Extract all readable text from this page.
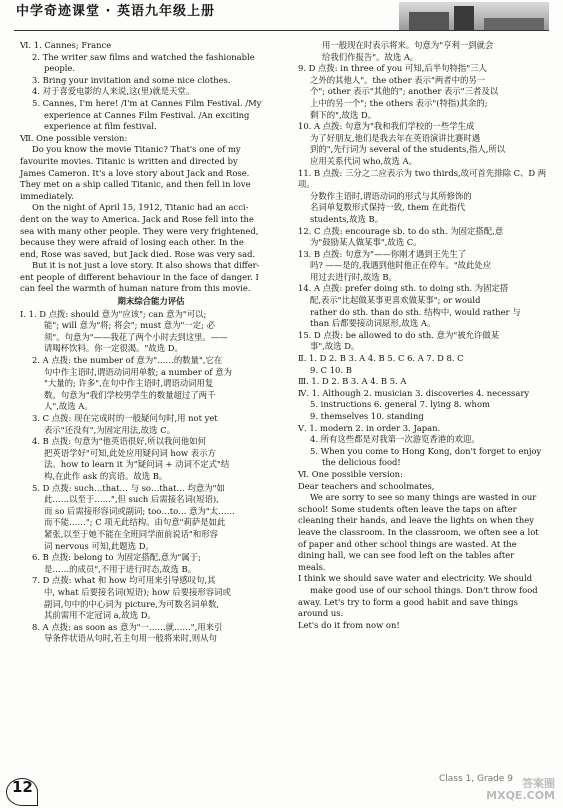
中学奇迹课堂 · 英语九年级上册

Ⅵ. 1. Cannes; France

2. The writer saw films and watched the fashionable

people.

3. Bring your invitation and some nice clothes.

4. 对于喜爱电影的人来说,这(里)就是天堂。

5. Cannes, I'm here! /I'm at Cannes Film Festival. /My

experience at Cannes Film Festival. /An exciting

experience at film festival.

Ⅶ. One possible version:

Do you know the movie Titanic? That's one of my

favourite movies. Titanic is written and directed by

James Cameron. It's a love story about Jack and Rose.

They met on a ship called Titanic, and then fell in love

immediately.

On the night of April 15, 1912, Titanic had an acci-

dent on the way to America. Jack and Rose fell into the

sea with many other people. They were very frightened,

because they were afraid of losing each other. In the

end, Rose was saved, but Jack died. Rose was very sad.

But it is not just a love story. It also shows that differ-

ent people of different behaviour in the face of danger. I

can feel the warmth of human nature from this movie.

期末综合能力评估

Ⅰ. 1. D 点拨: should 意为"应该"; can 意为"可以;

能"; will 意为"将; 将会"; must 意为"一定; 必

须"。句意为"——我花了两个小时去到这里。——

请喝杯饮料。你一定很渴。"故选 D。

2. A 点拨: the number of 意为"……的数量",它在

句中作主语时,谓语动词用单数; a number of 意为

"大量的; 许多",在句中作主语时,谓语动词用复

数。句意为"我们学校男学生的数量超过了两千

人",故选 A。

3. C 点拨: 现在完成时的一般疑问句时,用 not yet

表示"还没有",为固定用法,故选 C。

4. B 点拨: 句意为"他英语很好,所以我问他如何

把英语学好"可知,此处应用疑问词 how 表示方

法。how to learn it 为"疑问词 + 动词不定式"结

构,在此作 ask 的宾语。故选 B。

5. D 点拨: such…that… 与 so…that… 均意为"如

此……以至于……",但 such 后需接名词(短语),

而 so 后需接形容词或副词; too…to… 意为"太……

而不能……"; C 项无此结构。由句意"莉萨是如此

紧张,以至于她不能在全班同学面前说话"和形容

词 nervous 可知,此题选 D。

6. B 点拨: belong to 为固定搭配,意为"属于;

是……的成员",不用于进行时态,故选 B。

7. D 点拨: what 和 how 均可用来引导感叹句,其

中, what 后要接名词(短语); how 后要接形容词或

副词,句中的中心词为 picture,为可数名词单数,

其前需用不定冠词 a,故选 D。

8. A 点拨: as soon as 意为"一……就……",用来引

导条件状语从句时,若主句用一般将来时,则从句

用一般现在时表示将来。句意为"亨利一到就会

给我们作报告"。故选 A。

9. D 点拨: in three of you 可知,后半句特指"三人

之外的其他人"。the other 表示"两者中的另一

个"; other 表示"其他的"; another 表示"三者及以

上中的另一个"; the others 表示"(特指)其余的;

剩下的",故选 D。

10. A 点拨: 句意为"我和我们学校的一些学生成

为了好朋友,他们是我去年在英语演讲比赛时遇

到的",先行词为 several of the students,指人,所以

应用关系代词 who,故选 A。

11. B 点拨: 三分之二应表示为 two thirds,故可首先排除 C、D 两项。

分数作主语时,谓语动词的形式与其所修饰的

名词单复数形式保持一致, them 在此指代

students,故选 B。

12. C 点拨: encourage sb. to do sth. 为固定搭配,意

为"鼓励某人做某事",故选 C。

13. B 点拨: 句意为"——你刚才遇到王先生了

吗? ——是的,我遇到他时他正在停车。"故此处应

用过去进行时,故选 B。

14. A 点拨: prefer doing sth. to doing sth. 为固定搭

配,表示"比起做某事更喜欢做某事"; or would

rather do sth. than do sth. 结构中, would rather 与

than 后都要接动词原形,故选 A。

15. D 点拨: be allowed to do sth. 意为"被允许做某

事",故选 D。

Ⅱ. 1. D 2. B 3. A 4. B 5. C 6. A 7. D 8. C

9. C 10. B

Ⅲ. 1. D 2. B 3. A 4. B 5. A

Ⅳ. 1. Although 2. musician 3. discoveries 4. necessary

5. instructions 6. general 7. lying 8. whom

9. themselves 10. standing

Ⅴ. 1. modern 2. in order 3. Japan.

4. 所有这些都是对我第一次游览香港的欢迎。

5. When you come to Hong Kong, don't forget to enjoy

the delicious food!

Ⅵ. One possible version:

Dear teachers and schoolmates,

We are sorry to see so many things are wasted in our

school! Some students often leave the taps on after

cleaning their hands, and leave the lights on when they

leave the classroom. In the classroom, we often see a lot

of paper and other school things are wasted. At the

dining hall, we can see food left on the tables after

meals.

I think we should save water and electricity. We should

make good use of our school things. Don't throw food

away. Let's try to form a good habit and save things

around us.

Let's do it from now on!

12	Class 1, Grade 9 答案圈 MXQE.COM
